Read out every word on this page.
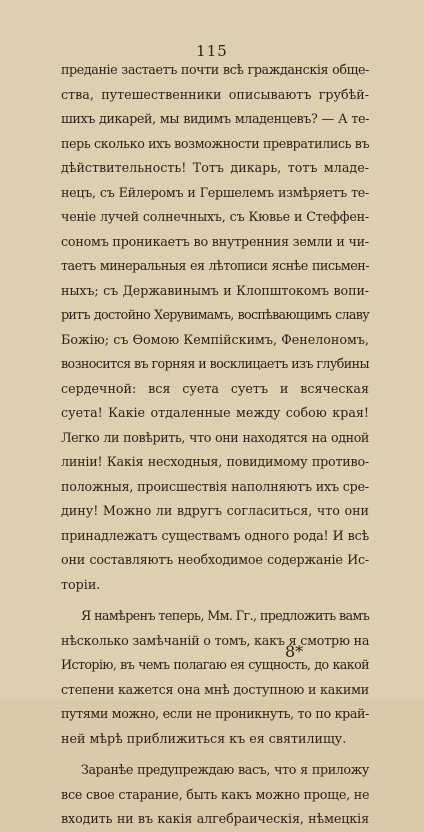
115
преданіе застаетъ почти всѣ гражданскія обще-
ства, путешественники описываютъ грубѣй-
шихъ дикарей, мы видимъ младенцевъ? — А те-
перь сколько ихъ возможности превратились въ
дѣйствительность! Тотъ дикарь, тотъ младе-
нецъ, съ Ейлеромъ и Гершелемъ измѣряетъ те-
ченіе лучей солнечныхъ, съ Кювье и Стеффен-
сономъ проникаетъ во внутренния земли и чи-
таетъ минеральныя ея лѣтописи яснѣе письмен-
ныхъ; съ Державинымъ и Клопштокомъ вопи-
ритъ достойно Херувимамъ, воспѣвающимъ славу
Божію; съ Ѳомою Кемпійскимъ, Фенелономъ,
возносится въ горняя и восклицаетъ изъ глубины
сердечной: вся суета суетъ и всяческая
суета! Какіе отдаленные между собою края!
Легко ли повѣрить, что они находятся на одной
линіи! Какія несходныя, повидимому противо-
положныя, происшествія наполняютъ ихъ сре-
дину! Можно ли вдругъ согласиться, что они
принадлежатъ существамъ одного рода! И всѣ
они составляютъ необходимое содержаніе Ис-
торіи.
Я намѣренъ теперь, Мм. Гг., предложить вамъ
нѣсколько замѣчаній о томъ, какъ я смотрю на
Исторію, въ чемъ полагаю ея сущность, до какой
степени кажется она мнѣ доступною и какими
путями можно, если не проникнуть, то по край-
ней мѣрѣ приближиться къ ея святилищу.
Заранѣе предупреждаю васъ, что я приложу
все свое старание, быть какъ можно проще, не
входить ни въ какія алгебраическія, нѣмецкія
8*
